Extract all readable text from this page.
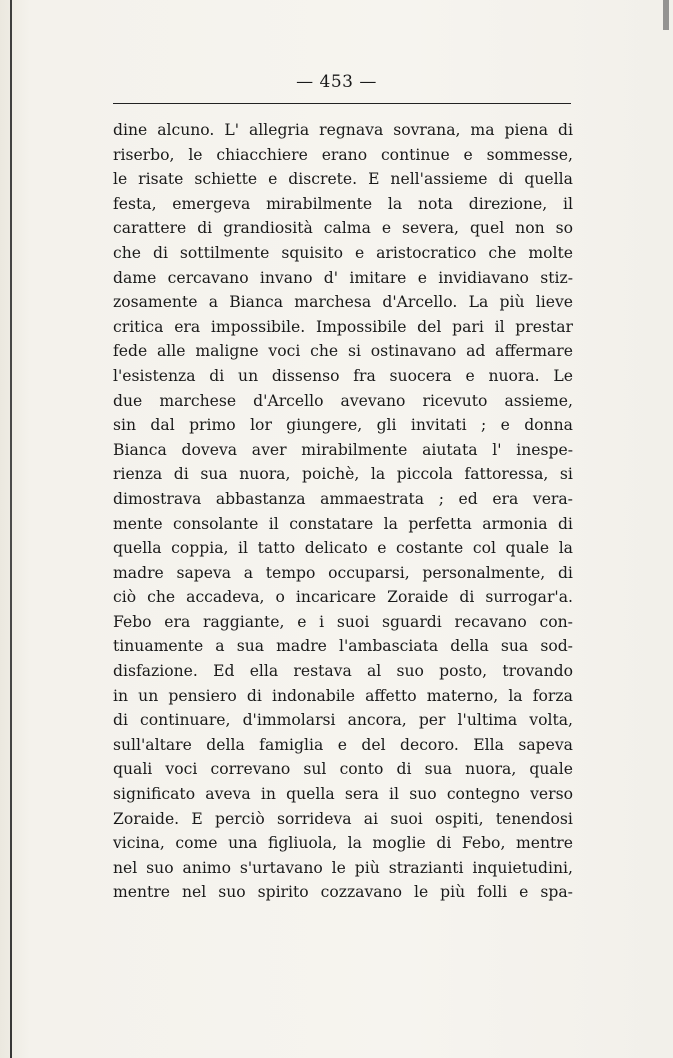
— 453 —
dine alcuno. L' allegria regnava sovrana, ma piena di
riserbo, le chiacchiere erano continue e sommesse,
le risate schiette e discrete. E nell'assieme di quella
festa, emergeva mirabilmente la nota direzione, il
carattere di grandiosità calma e severa, quel non so
che di sottilmente squisito e aristocratico che molte
dame cercavano invano d' imitare e invidiavano stiz-
zosamente a Bianca marchesa d'Arcello. La più lieve
critica era impossibile. Impossibile del pari il prestar
fede alle maligne voci che si ostinavano ad affermare
l'esistenza di un dissenso fra suocera e nuora. Le
due marchese d'Arcello avevano ricevuto assieme,
sin dal primo lor giungere, gli invitati ; e donna
Bianca doveva aver mirabilmente aiutata l' inespe-
rienza di sua nuora, poichè, la piccola fattoressa, si
dimostrava abbastanza ammaestrata ; ed era vera-
mente consolante il constatare la perfetta armonia di
quella coppia, il tatto delicato e costante col quale la
madre sapeva a tempo occuparsi, personalmente, di
ciò che accadeva, o incaricare Zoraide di surrogar'a.
Febo era raggiante, e i suoi sguardi recavano con-
tinuamente a sua madre l'ambasciata della sua sod-
disfazione. Ed ella restava al suo posto, trovando
in un pensiero di indonabile affetto materno, la forza
di continuare, d'immolarsi ancora, per l'ultima volta,
sull'altare della famiglia e del decoro. Ella sapeva
quali voci correvano sul conto di sua nuora, quale
significato aveva in quella sera il suo contegno verso
Zoraide. E perciò sorrideva ai suoi ospiti, tenendosi
vicina, come una figliuola, la moglie di Febo, mentre
nel suo animo s'urtavano le più strazianti inquietudini,
mentre nel suo spirito cozzavano le più folli e spa-
